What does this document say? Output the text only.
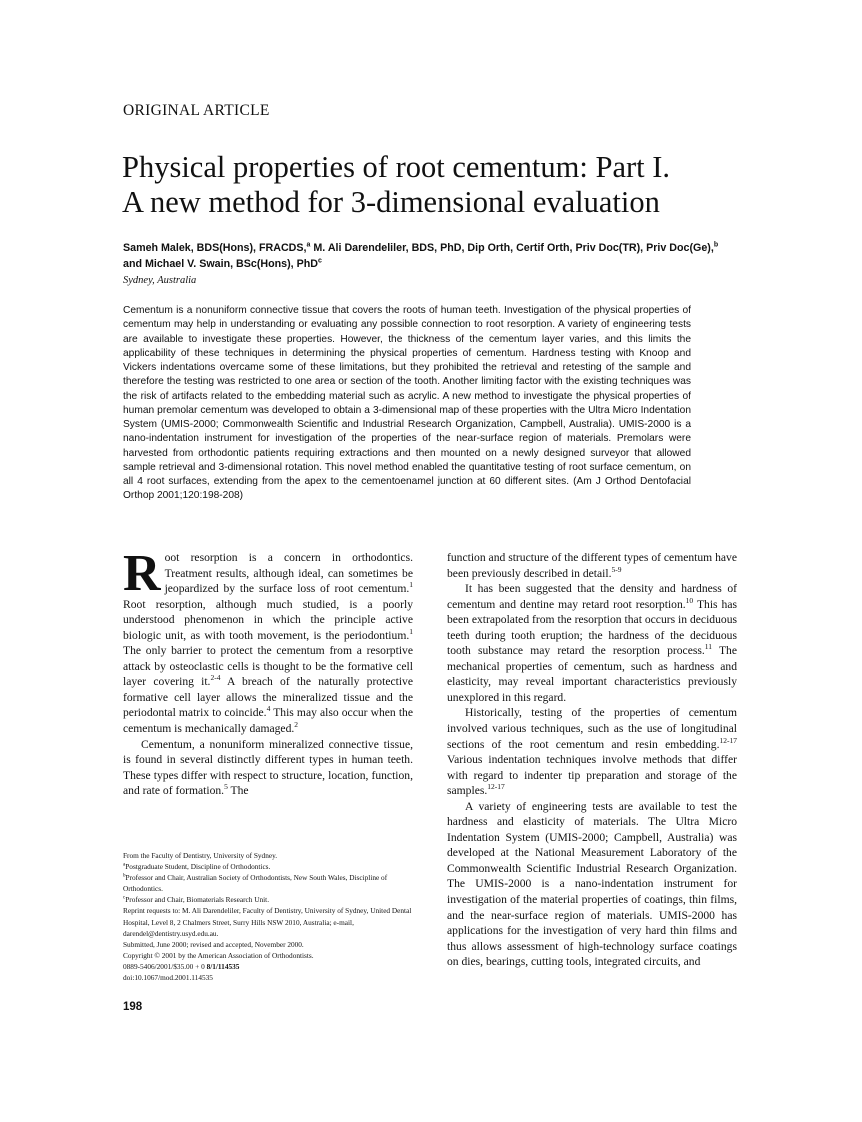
ORIGINAL ARTICLE
Physical properties of root cementum: Part I.
A new method for 3-dimensional evaluation
Sameh Malek, BDS(Hons), FRACDS,$^a$ M. Ali Darendeliler, BDS, PhD, Dip Orth, Certif Orth, Priv Doc(TR), Priv Doc(Ge),$^b$ and Michael V. Swain, BSc(Hons), PhD$^c$
Sydney, Australia
Cementum is a nonuniform connective tissue that covers the roots of human teeth. Investigation of the physical properties of cementum may help in understanding or evaluating any possible connection to root resorption. A variety of engineering tests are available to investigate these properties. However, the thickness of the cementum layer varies, and this limits the applicability of these techniques in determining the physical properties of cementum. Hardness testing with Knoop and Vickers indentations overcame some of these limitations, but they prohibited the retrieval and retesting of the sample and therefore the testing was restricted to one area or section of the tooth. Another limiting factor with the existing techniques was the risk of artifacts related to the embedding material such as acrylic. A new method to investigate the physical properties of human premolar cementum was developed to obtain a 3-dimensional map of these properties with the Ultra Micro Indentation System (UMIS-2000; Commonwealth Scientific and Industrial Research Organization, Campbell, Australia). UMIS-2000 is a nano-indentation instrument for investigation of the properties of the near-surface region of materials. Premolars were harvested from orthodontic patients requiring extractions and then mounted on a newly designed surveyor that allowed sample retrieval and 3-dimensional rotation. This novel method enabled the quantitative testing of root surface cementum, on all 4 root surfaces, extending from the apex to the cementoenamel junction at 60 different sites. (Am J Orthod Dentofacial Orthop 2001;120:198-208)

Root resorption is a concern in orthodontics. Treatment results, although ideal, can sometimes be jeopardized by the surface loss of root cementum.$^1$ Root resorption, although much studied, is a poorly understood phenomenon in which the principle active biologic unit, as with tooth movement, is the periodontium.$^1$ The only barrier to protect the cementum from a resorptive attack by osteoclastic cells is thought to be the formative cell layer covering it.$^{2-4}$ A breach of the naturally protective formative cell layer allows the mineralized tissue and the periodontal matrix to coincide.$^4$ This may also occur when the cementum is mechanically damaged.$^2$

Cementum, a nonuniform mineralized connective tissue, is found in several distinctly different types in human teeth. These types differ with respect to structure, location, function, and rate of formation.$^5$ The

function and structure of the different types of cementum have been previously described in detail.$^{5-9}$

It has been suggested that the density and hardness of cementum and dentine may retard root resorption.$^{10}$ This has been extrapolated from the resorption that occurs in deciduous teeth during tooth eruption; the hardness of the deciduous tooth substance may retard the resorption process.$^{11}$ The mechanical properties of cementum, such as hardness and elasticity, may reveal important characteristics previously unexplored in this regard.

Historically, testing of the properties of cementum involved various techniques, such as the use of longitudinal sections of the root cementum and resin embedding.$^{12-17}$ Various indentation techniques involve methods that differ with regard to indenter tip preparation and storage of the samples.$^{12-17}$

A variety of engineering tests are available to test the hardness and elasticity of materials. The Ultra Micro Indentation System (UMIS-2000; Campbell, Australia) was developed at the National Measurement Laboratory of the Commonwealth Scientific Industrial Research Organization. The UMIS-2000 is a nano-indentation instrument for investigation of the material properties of coatings, thin films, and the near-surface region of materials. UMIS-2000 has applications for the investigation of very hard thin films and thus allows assessment of high-technology surface coatings on dies, bearings, cutting tools, integrated circuits, and

From the Faculty of Dentistry, University of Sydney.
$^a$Postgraduate Student, Discipline of Orthodontics.
$^b$Professor and Chair, Australian Society of Orthodontists, New South Wales, Discipline of Orthodontics.
$^c$Professor and Chair, Biomaterials Research Unit.
Reprint requests to: M. Ali Darendeliler, Faculty of Dentistry, University of Sydney, United Dental Hospital, Level 8, 2 Chalmers Street, Surry Hills NSW 2010, Australia; e-mail, darendel@dentistry.usyd.edu.au.
Submitted, June 2000; revised and accepted, November 2000.
Copyright © 2001 by the American Association of Orthodontists.
0889-5406/2001/$35.00 + 0 8/1/114535
doi:10.1067/mod.2001.114535
198
